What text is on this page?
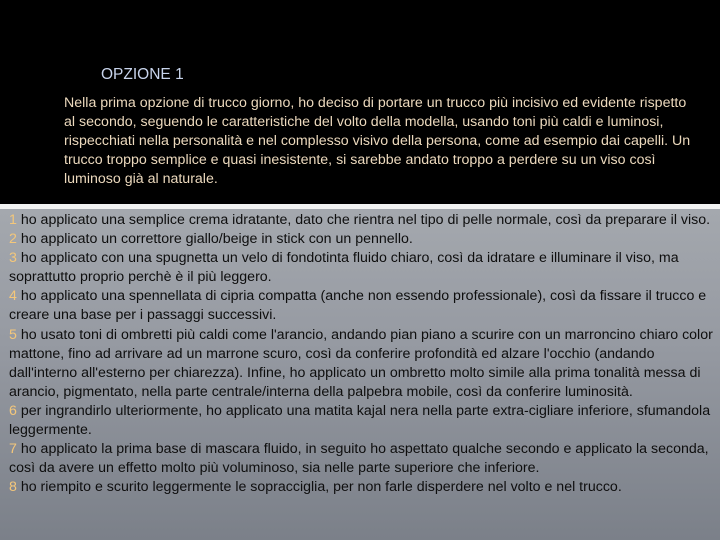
OPZIONE 1

Nella prima opzione di trucco giorno, ho deciso di portare un trucco più incisivo ed evidente rispetto al secondo, seguendo le caratteristiche del volto della modella, usando toni più caldi e luminosi, rispecchiati nella personalità e nel complesso visivo della persona, come ad esempio dai capelli. Un trucco troppo semplice e quasi inesistente, si sarebbe andato troppo a perdere su un viso così luminoso già al naturale.

1 ho applicato una semplice crema idratante, dato che rientra nel tipo di pelle normale, così da preparare il viso.
2 ho applicato un correttore giallo/beige in stick con un pennello.
3 ho applicato con una spugnetta un velo di fondotinta fluido chiaro, così da idratare e illuminare il viso, ma soprattutto proprio perchè è il più leggero.
4 ho applicato una spennellata di cipria compatta (anche non essendo professionale), così da fissare il trucco e creare una base per i passaggi successivi.
5 ho usato toni di ombretti più caldi come l'arancio, andando pian piano a scurire con un marroncino chiaro color mattone, fino ad arrivare ad un marrone scuro, così da conferire profondità ed alzare l'occhio (andando dall'interno all'esterno per chiarezza). Infine, ho applicato un ombretto molto simile alla prima tonalità messa di arancio, pigmentato, nella parte centrale/interna della palpebra mobile, così da conferire luminosità.
6 per ingrandirlo ulteriormente, ho applicato una matita kajal nera nella parte extra-cigliare inferiore, sfumandola leggermente.
7 ho applicato la prima base di mascara fluido, in seguito ho aspettato qualche secondo e applicato la seconda, così da avere un effetto molto più voluminoso, sia nelle parte superiore che inferiore.
8 ho riempito e scurito leggermente le sopracciglia, per non farle disperdere nel volto e nel trucco.
